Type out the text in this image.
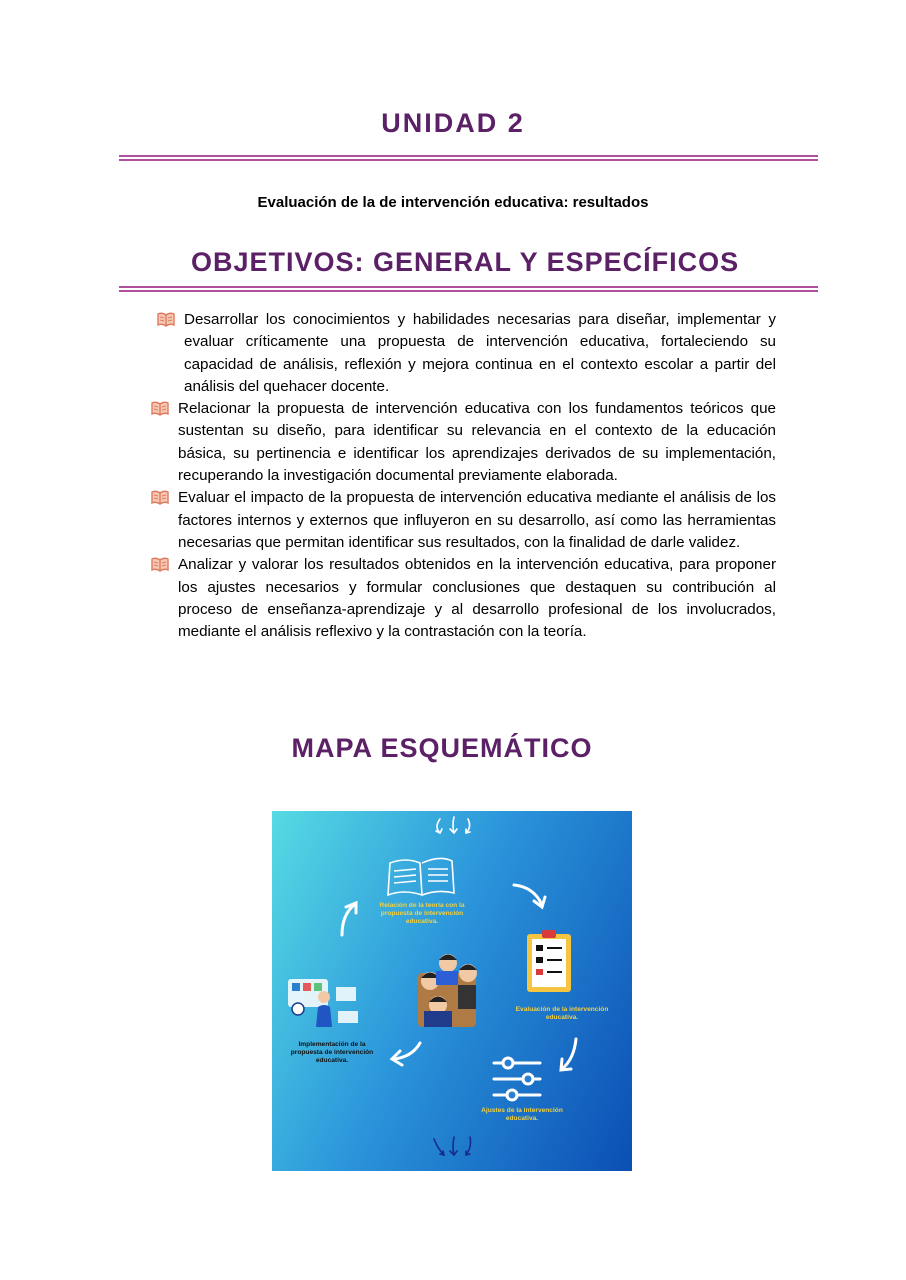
UNIDAD 2
Evaluación de la de intervención educativa: resultados
OBJETIVOS: GENERAL Y ESPECÍFICOS
Desarrollar los conocimientos y habilidades necesarias para diseñar, implementar y evaluar críticamente una propuesta de intervención educativa, fortaleciendo su capacidad de análisis, reflexión y mejora continua en el contexto escolar a partir del análisis del quehacer docente.
Relacionar la propuesta de intervención educativa con los fundamentos teóricos que sustentan su diseño, para identificar su relevancia en el contexto de la educación básica, su pertinencia e identificar los aprendizajes derivados de su implementación, recuperando la investigación documental previamente elaborada.
Evaluar el impacto de la propuesta de intervención educativa mediante el análisis de los factores internos y externos que influyeron en su desarrollo, así como las herramientas necesarias que permitan identificar sus resultados, con la finalidad de darle validez.
Analizar y valorar los resultados obtenidos en la intervención educativa, para proponer los ajustes necesarios y formular conclusiones que destaquen su contribución al proceso de enseñanza-aprendizaje y al desarrollo profesional de los involucrados, mediante el análisis reflexivo y la contrastación con la teoría.
MAPA ESQUEMÁTICO
Relación de la teoría con la propuesta de intervención educativa.
Evaluación de la intervención educativa.
Ajustes de la intervención educativa.
Implementación de la propuesta de intervención educativa.
